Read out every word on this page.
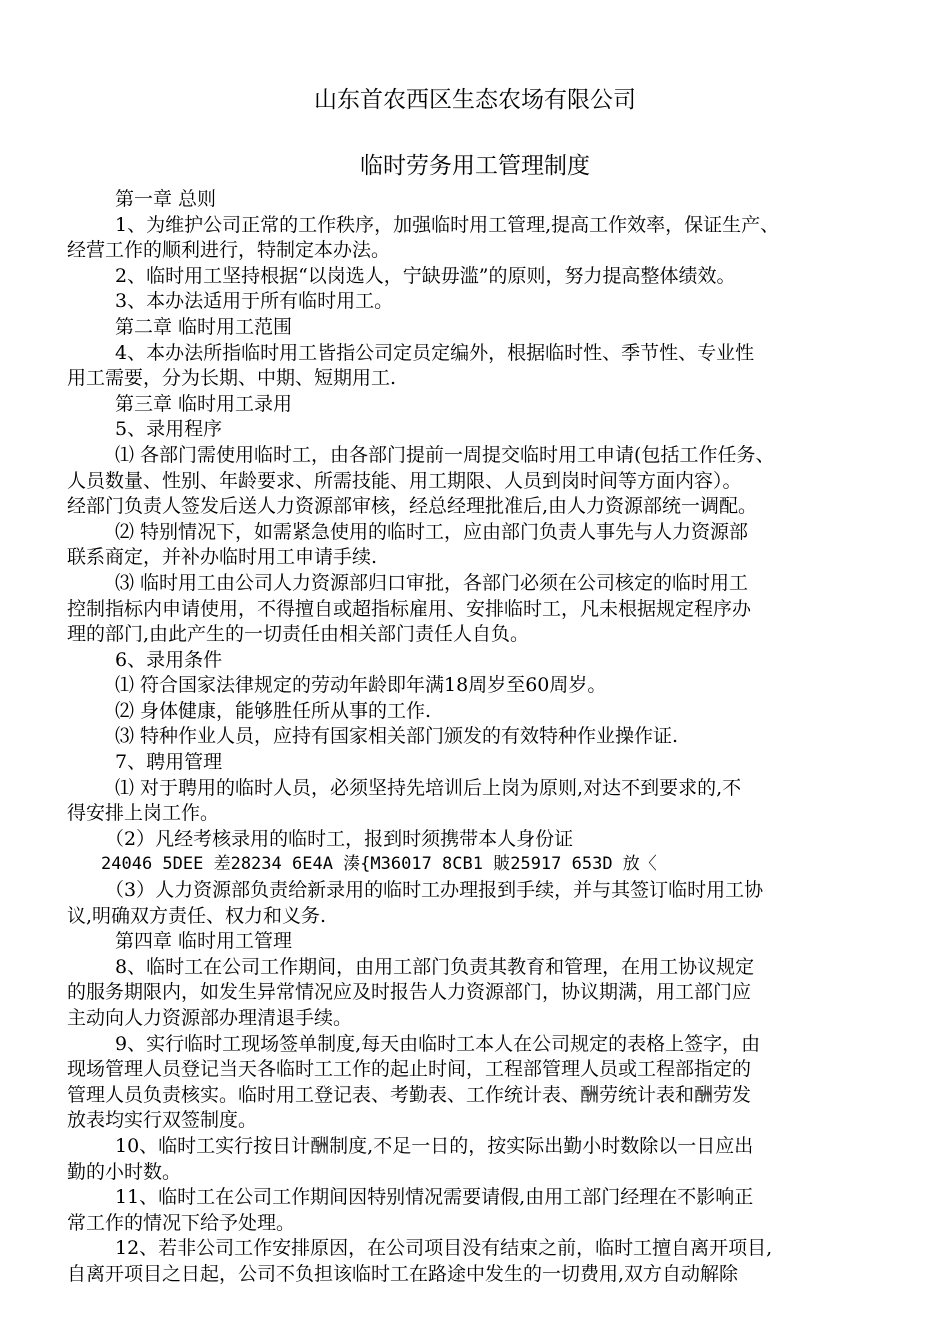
山东首农西区生态农场有限公司
临时劳务用工管理制度
第一章 总则
1、为维护公司正常的工作秩序，加强临时用工管理,提高工作效率，保证生产、
经营工作的顺利进行，特制定本办法。
2、临时用工坚持根据“以岗选人，宁缺毋滥”的原则，努力提高整体绩效。
3、本办法适用于所有临时用工。
第二章 临时用工范围
4、本办法所指临时用工皆指公司定员定编外，根据临时性、季节性、专业性
用工需要，分为长期、中期、短期用工.
第三章 临时用工录用
5、录用程序
⑴ 各部门需使用临时工，由各部门提前一周提交临时用工申请(包括工作任务、
人员数量、性别、年龄要求、所需技能、用工期限、人员到岗时间等方面内容）。
经部门负责人签发后送人力资源部审核，经总经理批准后,由人力资源部统一调配。
⑵ 特别情况下，如需紧急使用的临时工，应由部门负责人事先与人力资源部
联系商定，并补办临时用工申请手续.
⑶ 临时用工由公司人力资源部归口审批，各部门必须在公司核定的临时用工
控制指标内申请使用，不得擅自或超指标雇用、安排临时工，凡未根据规定程序办
理的部门,由此产生的一切责任由相关部门责任人自负。
6、录用条件
⑴ 符合国家法律规定的劳动年龄即年满18周岁至60周岁。
⑵ 身体健康，能够胜任所从事的工作.
⑶ 特种作业人员，应持有国家相关部门颁发的有效特种作业操作证.
7、聘用管理
⑴ 对于聘用的临时人员，必须坚持先培训后上岗为原则,对达不到要求的,不
得安排上岗工作。
（2）凡经考核录用的临时工，报到时须携带本人身份证
24046 5DEE 差28234 6E4A 湊{M36017 8CB1 貱25917 653D 放〈
（3）人力资源部负责给新录用的临时工办理报到手续，并与其签订临时用工协
议,明确双方责任、权力和义务.
第四章 临时用工管理
8、临时工在公司工作期间，由用工部门负责其教育和管理，在用工协议规定
的服务期限内，如发生异常情况应及时报告人力资源部门，协议期满，用工部门应
主动向人力资源部办理清退手续。
9、实行临时工现场签单制度,每天由临时工本人在公司规定的表格上签字，由
现场管理人员登记当天各临时工工作的起止时间，工程部管理人员或工程部指定的
管理人员负责核实。临时用工登记表、考勤表、工作统计表、酬劳统计表和酬劳发
放表均实行双签制度。
10、临时工实行按日计酬制度,不足一日的，按实际出勤小时数除以一日应出
勤的小时数。
11、临时工在公司工作期间因特别情况需要请假,由用工部门经理在不影响正
常工作的情况下给予处理。
12、若非公司工作安排原因，在公司项目没有结束之前，临时工擅自离开项目,
自离开项目之日起，公司不负担该临时工在路途中发生的一切费用,双方自动解除
